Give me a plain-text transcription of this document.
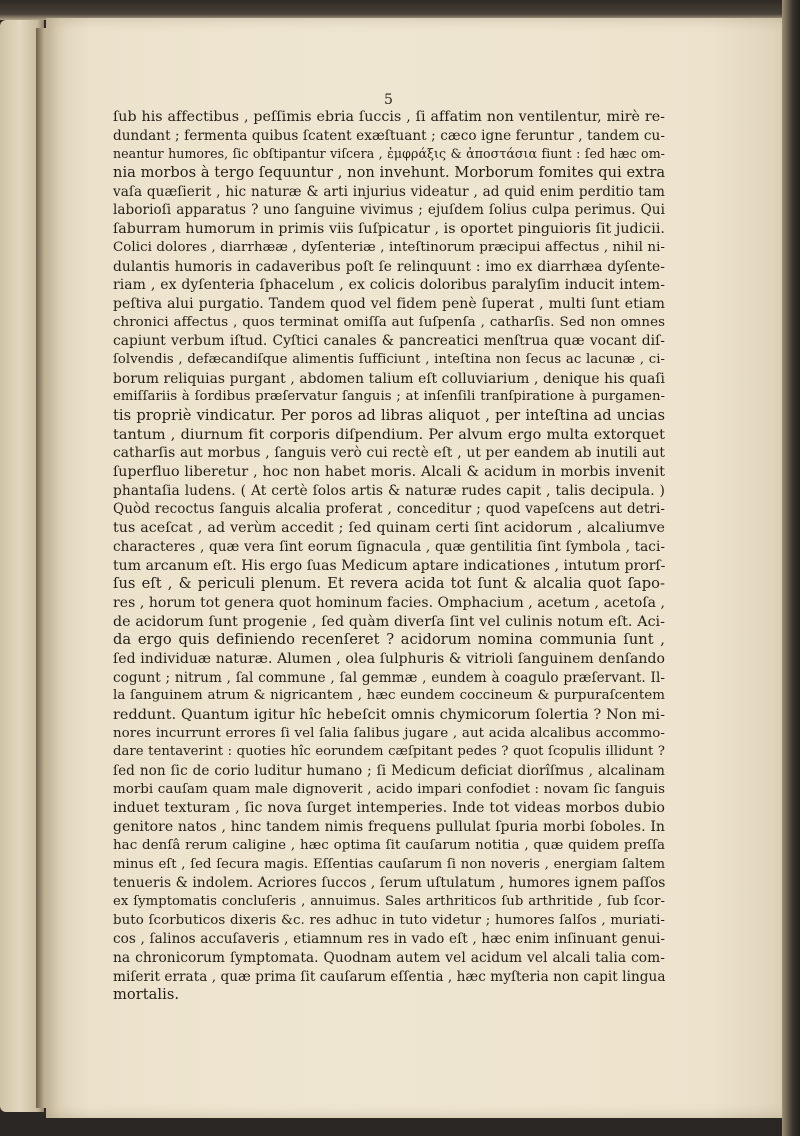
5
ſub his affectibus , peſſimis ebria ſuccis , ſi affatim non ventilentur, mirè re-
dundant ; fermenta quibus ſcatent exæſtuant ; cæco igne feruntur , tandem cu-
neantur humores, ſic obſtipantur viſcera , ἐμφράξις & ἀποστάσια fiunt : ſed hæc om-
nia morbos à tergo ſequuntur , non invehunt. Morborum fomites qui extra
vaſa quæſierit , hic naturæ & arti injurius videatur , ad quid enim perditio tam
laborioſi apparatus ? uno ſanguine vivimus ; ejuſdem ſolius culpa perimus. Qui
ſaburram humorum in primis viis ſuſpicatur , is oportet pinguioris ſit judicii.
Colici dolores , diarrhææ , dyſenteriæ , inteſtinorum præcipui affectus , nihil ni-
dulantis humoris in cadaveribus poſt ſe relinquunt : imo ex diarrhæa dyſente-
riam , ex dyſenteria ſphacelum , ex colicis doloribus paralyſim inducit intem-
peſtiva alui purgatio. Tandem quod vel fidem penè ſuperat , multi ſunt etiam
chronici affectus , quos terminat omiſſa aut ſuſpenſa , catharſis. Sed non omnes
capiunt verbum iſtud. Cyſtici canales & pancreatici menſtrua quæ vocant diſ-
ſolvendis , defæcandiſque alimentis ſufficiunt , inteſtina non ſecus ac lacunæ , ci-
borum reliquias purgant , abdomen talium eſt colluviarium , denique his quaſi
emiſſariis à ſordibus præſervatur ſanguis ; at inſenſili tranſpiratione à purgamen-
tis propriè vindicatur. Per poros ad libras aliquot , per inteſtina ad uncias
tantum , diurnum fit corporis diſpendium. Per alvum ergo multa extorquet
catharſis aut morbus , ſanguis verò cui rectè eſt , ut per eandem ab inutili aut
ſuperfluo liberetur , hoc non habet moris. Alcali & acidum in morbis invenit
phantaſia ludens. ( At certè ſolos artis & naturæ rudes capit , talis decipula. )
Quòd recoctus ſanguis alcalia proferat , conceditur ; quod vapeſcens aut detri-
tus aceſcat , ad verùm accedit ; ſed quinam certi ſint acidorum , alcaliumve
characteres , quæ vera ſint eorum ſignacula , quæ gentilitia ſint ſymbola , taci-
tum arcanum eſt. His ergo ſuas Medicum aptare indicationes , intutum prorſ-
ſus eſt , & periculi plenum. Et revera acida tot ſunt & alcalia quot ſapo-
res , horum tot genera quot hominum facies. Omphacium , acetum , acetoſa ,
de acidorum ſunt progenie , ſed quàm diverſa ſint vel culinis notum eſt. Aci-
da ergo quis definiendo recenſeret ? acidorum nomina communia ſunt ,
ſed individuæ naturæ. Alumen , olea ſulphuris & vitrioli ſanguinem denſando
cogunt ; nitrum , ſal commune , ſal gemmæ , eundem à coagulo præſervant. Il-
la ſanguinem atrum & nigricantem , hæc eundem coccineum & purpuraſcentem
reddunt. Quantum igitur hîc hebeſcit omnis chymicorum ſolertia ? Non mi-
nores incurrunt errores ſi vel ſalia ſalibus jugare , aut acida alcalibus accommo-
dare tentaverint : quoties hîc eorundem cæſpitant pedes ? quot ſcopulis illidunt ?
ſed non ſic de corio luditur humano ; ſi Medicum deficiat diorîſmus , alcalinam
morbi cauſam quam male dignoverit , acido impari confodiet : novam ſic ſanguis
induet texturam , ſic nova ſurget intemperies. Inde tot videas morbos dubio
genitore natos , hinc tandem nimis frequens pullulat ſpuria morbi ſoboles. In
hac denſâ rerum caligine , hæc optima ſit cauſarum notitia , quæ quidem preſſa
minus eſt , ſed ſecura magis. Eſſentias cauſarum ſi non noveris , energiam ſaltem
tenueris & indolem. Acriores ſuccos , ſerum uſtulatum , humores ignem paſſos
ex ſymptomatis concluſeris , annuimus. Sales arthriticos ſub arthritide , ſub ſcor-
buto ſcorbuticos dixeris &c. res adhuc in tuto videtur ; humores ſalſos , muriati-
cos , ſalinos accuſaveris , etiamnum res in vado eſt , hæc enim inſinuant genui-
na chronicorum ſymptomata. Quodnam autem vel acidum vel alcali talia com-
miſerit errata , quæ prima ſit cauſarum eſſentia , hæc myſteria non capit lingua
mortalis.
